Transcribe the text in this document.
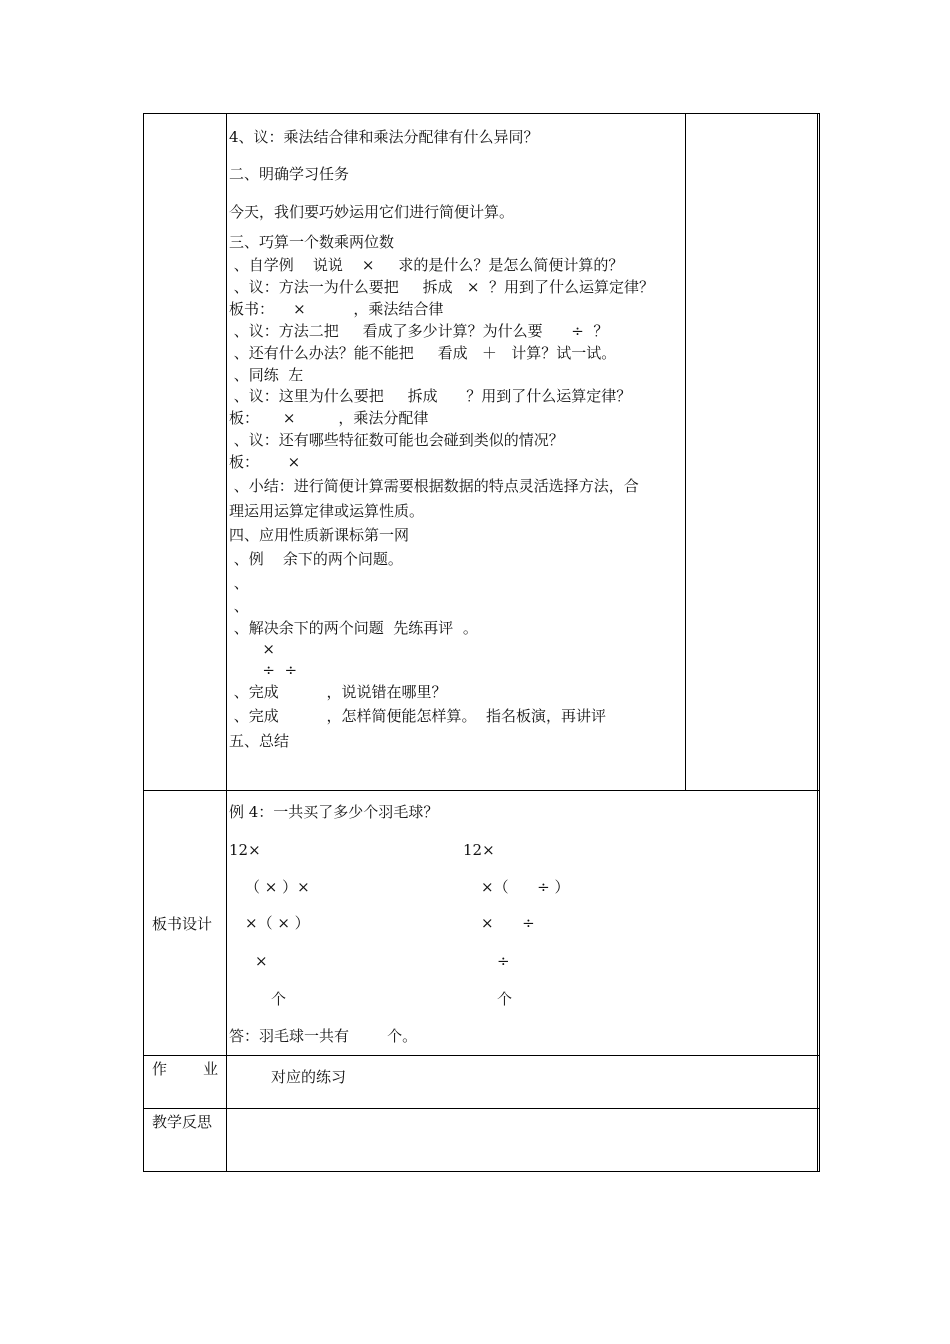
4、议：乘法结合律和乘法分配律有什么异同？
二、明确学习任务
今天，我们要巧妙运用它们进行简便计算。
三、巧算一个数乘两位数
、自学例    说说    ×     求的是什么？是怎么简便计算的？
、议：方法一为什么要把     拆成   ×  ？用到了什么运算定律？
板书：    ×          ，乘法结合律
、议：方法二把     看成了多少计算？为什么要      ÷  ？
、还有什么办法？能不能把     看成   ＋   计算？试一试。
、同练  左
、议：这里为什么要把     拆成      ？用到了什么运算定律？
板：     ×         ，乘法分配律
、议：还有哪些特征数可能也会碰到类似的情况？
板：      ×
、小结：进行简便计算需要根据数据的特点灵活选择方法，合
理运用运算定律或运算性质。
四、应用性质新课标第一网
、例    余下的两个问题。
、
、
、解决余下的两个问题  先练再评  。
×
÷  ÷
、完成          ，说说错在哪里？
、完成          ，怎样简便能怎样算。  指名板演，再讲评
五、总结
板书设计
例 4：一共买了多少个羽毛球？
12×
（ × ）×
×（ × ）
×
个
12×
×（      ÷ ）
×      ÷
÷
个
答：羽毛球一共有        个。
作 业	对应的练习
教学反思
